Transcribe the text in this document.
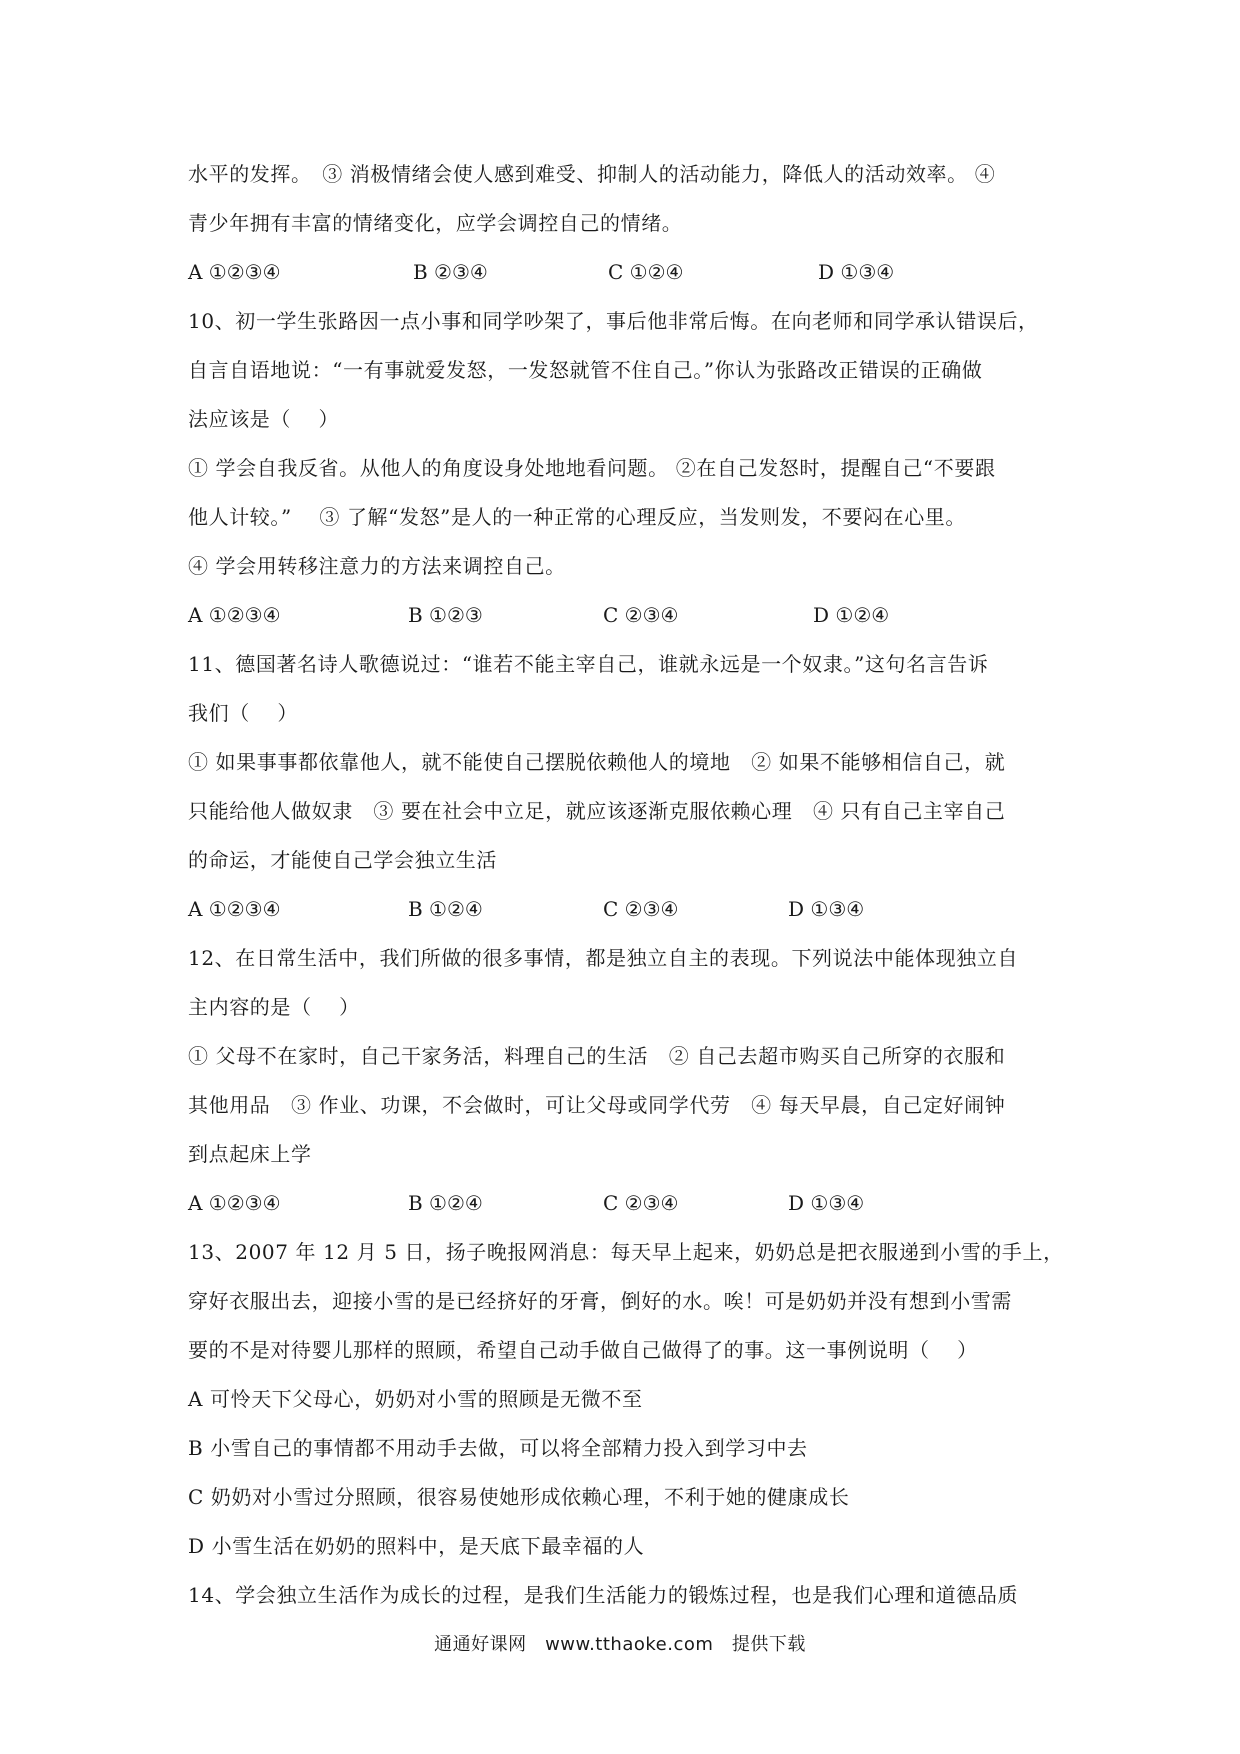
水平的发挥。　③ 消极情绪会使人感到难受、抑制人的活动能力，降低人的活动效率。 ④
青少年拥有丰富的情绪变化，应学会调控自己的情绪。
A ①②③④	B ②③④	C ①②④	D ①③④
10、初一学生张路因一点小事和同学吵架了，事后他非常后悔。在向老师和同学承认错误后，
自言自语地说：“一有事就爱发怒，一发怒就管不住自己。”你认为张路改正错误的正确做
法应该是（　 ）
① 学会自我反省。从他人的角度设身处地地看问题。 ②在自己发怒时，提醒自己“不要跟
他人计较。”　 ③ 了解“发怒”是人的一种正常的心理反应，当发则发，不要闷在心里。
④ 学会用转移注意力的方法来调控自己。
A ①②③④	B ①②③	C ②③④	D ①②④
11、德国著名诗人歌德说过：“谁若不能主宰自己，谁就永远是一个奴隶。”这句名言告诉
我们（　 ）
① 如果事事都依靠他人，就不能使自己摆脱依赖他人的境地　② 如果不能够相信自己，就
只能给他人做奴隶　③ 要在社会中立足，就应该逐渐克服依赖心理　④ 只有自己主宰自己
的命运，才能使自己学会独立生活
A ①②③④	B ①②④	C ②③④	D ①③④
12、在日常生活中，我们所做的很多事情，都是独立自主的表现。下列说法中能体现独立自
主内容的是（　 ）
① 父母不在家时，自己干家务活，料理自己的生活　② 自己去超市购买自己所穿的衣服和
其他用品　③ 作业、功课，不会做时，可让父母或同学代劳　④ 每天早晨，自己定好闹钟
到点起床上学
A ①②③④	B ①②④	C ②③④	D ①③④
13、2007 年 12 月 5 日，扬子晚报网消息：每天早上起来，奶奶总是把衣服递到小雪的手上，
穿好衣服出去，迎接小雪的是已经挤好的牙膏，倒好的水。唉！可是奶奶并没有想到小雪需
要的不是对待婴儿那样的照顾，希望自己动手做自己做得了的事。这一事例说明（　 ）
A 可怜天下父母心，奶奶对小雪的照顾是无微不至
B 小雪自己的事情都不用动手去做，可以将全部精力投入到学习中去
C 奶奶对小雪过分照顾，很容易使她形成依赖心理，不利于她的健康成长
D 小雪生活在奶奶的照料中，是天底下最幸福的人
14、学会独立生活作为成长的过程，是我们生活能力的锻炼过程，也是我们心理和道德品质
通通好课网　www.tthaoke.com　提供下载
